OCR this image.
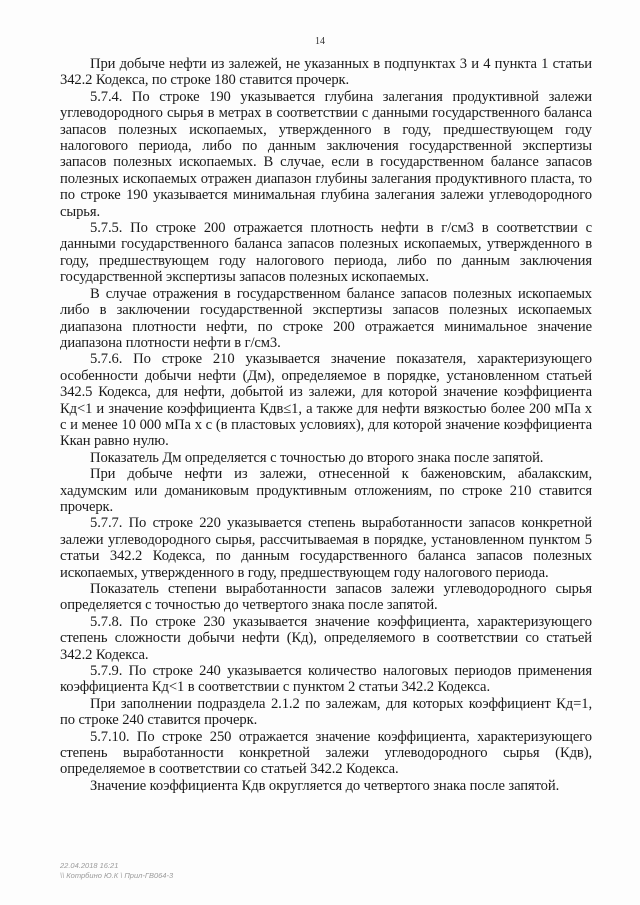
14

При добыче нефти из залежей, не указанных в подпунктах 3 и 4 пункта 1 статьи 342.2 Кодекса, по строке 180 ставится прочерк.

5.7.4. По строке 190 указывается глубина залегания продуктивной залежи углеводородного сырья в метрах в соответствии с данными государственного баланса запасов полезных ископаемых, утвержденного в году, предшествующем году налогового периода, либо по данным заключения государственной экспертизы запасов полезных ископаемых. В случае, если в государственном балансе запасов полезных ископаемых отражен диапазон глубины залегания продуктивного пласта, то по строке 190 указывается минимальная глубина залегания залежи углеводородного сырья.

5.7.5. По строке 200 отражается плотность нефти в г/см3 в соответствии с данными государственного баланса запасов полезных ископаемых, утвержденного в году, предшествующем году налогового периода, либо по данным заключения государственной экспертизы запасов полезных ископаемых.

В случае отражения в государственном балансе запасов полезных ископаемых либо в заключении государственной экспертизы запасов полезных ископаемых диапазона плотности нефти, по строке 200 отражается минимальное значение диапазона плотности нефти в г/см3.

5.7.6. По строке 210 указывается значение показателя, характеризующего особенности добычи нефти (Дм), определяемое в порядке, установленном статьей 342.5 Кодекса, для нефти, добытой из залежи, для которой значение коэффициента Кд<1 и значение коэффициента Кдв≤1, а также для нефти вязкостью более 200 мПа х с и менее 10 000 мПа х с (в пластовых условиях), для которой значение коэффициента Ккан равно нулю.

Показатель Дм определяется с точностью до второго знака после запятой.

При добыче нефти из залежи, отнесенной к баженовским, абалакским, хадумским или доманиковым продуктивным отложениям, по строке 210 ставится прочерк.

5.7.7. По строке 220 указывается степень выработанности запасов конкретной залежи углеводородного сырья, рассчитываемая в порядке, установленном пунктом 5 статьи 342.2 Кодекса, по данным государственного баланса запасов полезных ископаемых, утвержденного в году, предшествующем году налогового периода.

Показатель степени выработанности запасов залежи углеводородного сырья определяется с точностью до четвертого знака после запятой.

5.7.8. По строке 230 указывается значение коэффициента, характеризующего степень сложности добычи нефти (Кд), определяемого в соответствии со статьей 342.2 Кодекса.

5.7.9. По строке 240 указывается количество налоговых периодов применения коэффициента Кд<1 в соответствии с пунктом 2 статьи 342.2 Кодекса.

При заполнении подраздела 2.1.2 по залежам, для которых коэффициент Кд=1, по строке 240 ставится прочерк.

5.7.10. По строке 250 отражается значение коэффициента, характеризующего степень выработанности конкретной залежи углеводородного сырья (Кдв), определяемое в соответствии со статьей 342.2 Кодекса.

Значение коэффициента Кдв округляется до четвертого знака после запятой.

22.04.2018 16:21
\\ Котрбино Ю.К \ Прил-ГВ064-3
